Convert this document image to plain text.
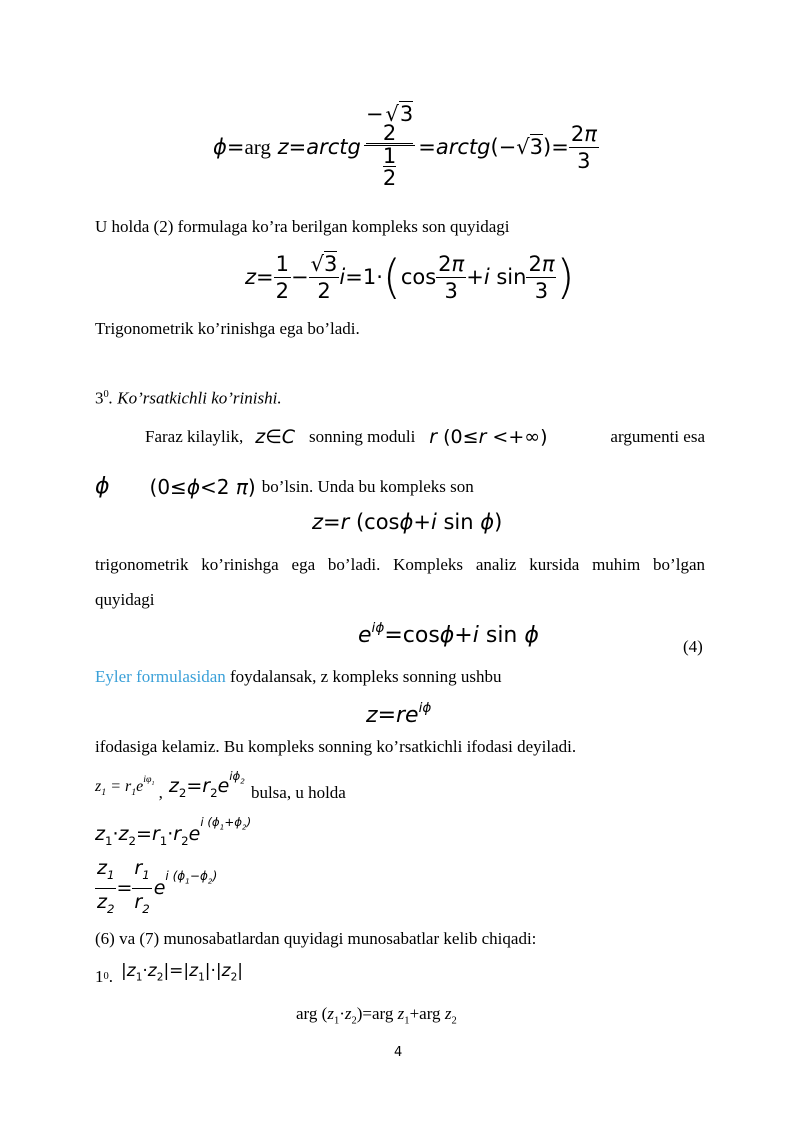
ϕ = arg
z = arctg −√3
2
$\frac{1}{2}$ = arctg $(-√3)= \frac{2\pi}{3}$
U holda (2) formulaga ko’ra berilgan kompleks son quyidagi
$z = \frac{1}{2} - \frac{√3}{2}$ i =1· ( $\cos \frac{2\pi}{3} + i$
$\sin \frac{2\pi}{3}$ )
Trigonometrik ko’rinishga ega bo’ladi.
$3^0$. Ko’rsatkichli ko’rinishi.
Faraz kilaylik, z∈C sonning moduli r (0≤r <+∞)	argumenti esa
ϕ (0≤ϕ<2 π) bo’lsin. Unda bu kompleks son
z=r (cosϕ+i sin ϕ)
trigonometrik ko’rinishga ega bo’ladi. Kompleks analiz kursida muhim bo’lgan
quyidagi
$e^{i\phi}=\cos\phi+i$ sin ϕ	(4)
Eyler formulasidan foydalansak, z kompleks sonning ushbu
$z=re^{i\phi}$
ifodasiga kelamiz. Bu kompleks sonning ko’rsatkichli ifodasi deyiladi.
$z_1 = r_1e^{i\varphi_1}$ , $z_2=r_2e^{i\phi_2}$
bulsa, u holda
$z_1\cdot z_2=r_1\cdot r_2e^{i (\phi_1+\phi_2)}$
$\frac{z_1}{z_2} = \frac{r_1}{r_2}$ e
$^{i (\phi_1-\phi_2)}$
(6) va (7) munosabatlardan quyidagi munosabatlar kelib chiqadi:
1 0 . $|z_1\cdot z_2|=|z_1|\cdot|z_2|$
arg $(z_1\cdot z_2)=arg$ $z_1+arg$ $z_2$
4
